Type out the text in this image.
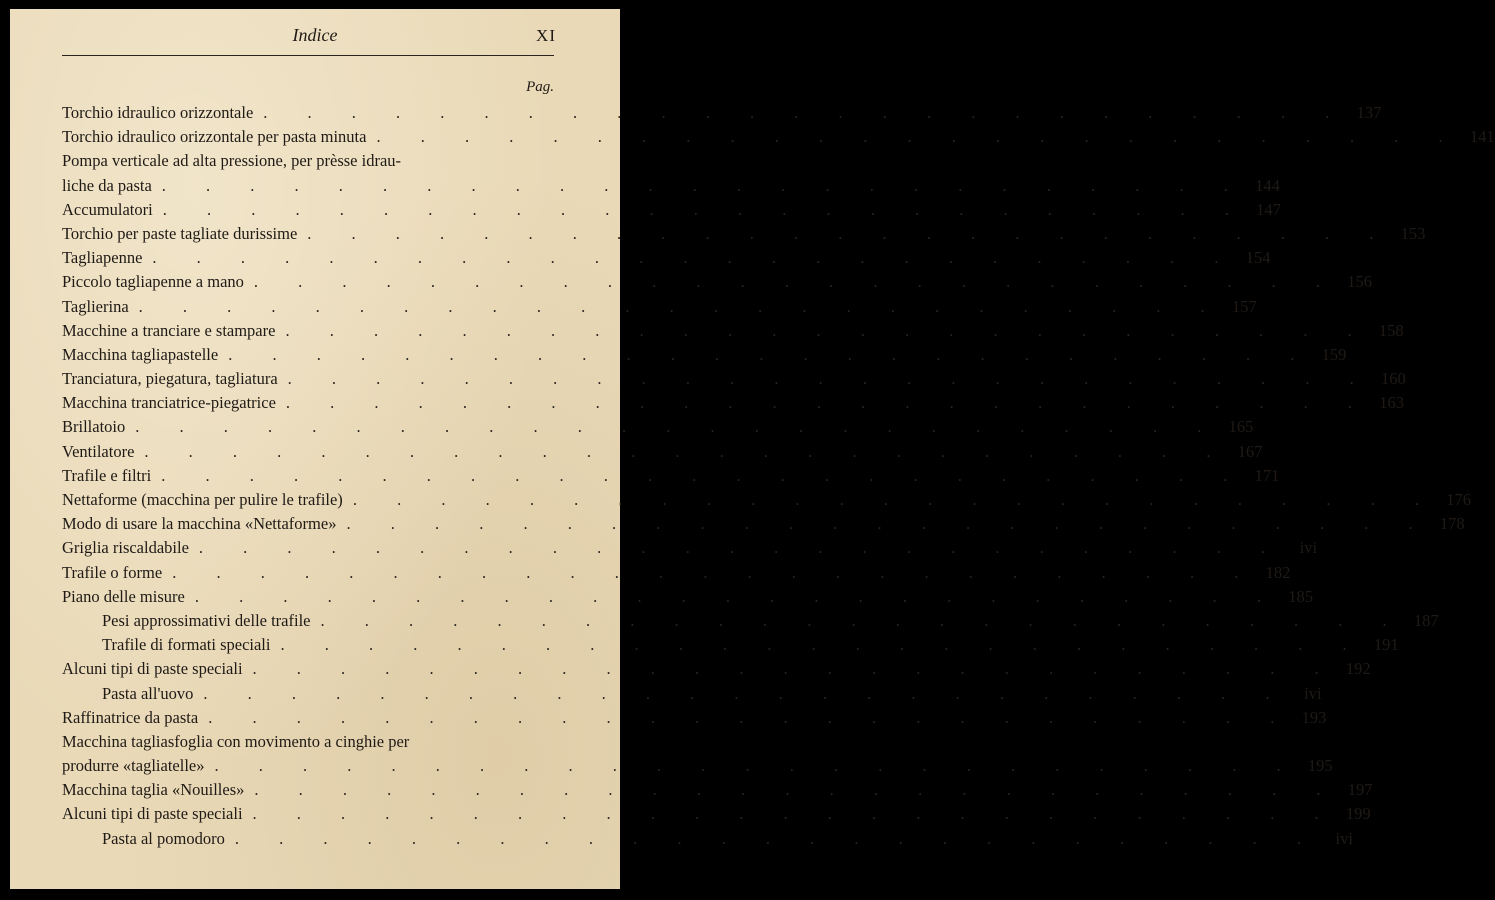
Indice	XI
Pag.
Torchio idraulico orizzontale . . . . . . . . . . . . . . . . . . . . . . . . . 137
Torchio idraulico orizzontale per pasta minuta . . . . . . . . . . . . . . . . . . . . . . . . . 141
Pompa verticale ad alta pressione, per prèsse idrau-
liche da pasta . . . . . . . . . . . . . . . . . . . . . . . . . 144
Accumulatori . . . . . . . . . . . . . . . . . . . . . . . . . 147
Torchio per paste tagliate durissime . . . . . . . . . . . . . . . . . . . . . . . . . 153
Tagliapenne . . . . . . . . . . . . . . . . . . . . . . . . . 154
Piccolo tagliapenne a mano . . . . . . . . . . . . . . . . . . . . . . . . . 156
Taglierina . . . . . . . . . . . . . . . . . . . . . . . . . 157
Macchine a tranciare e stampare . . . . . . . . . . . . . . . . . . . . . . . . . 158
Macchina tagliapastelle . . . . . . . . . . . . . . . . . . . . . . . . . 159
Tranciatura, piegatura, tagliatura . . . . . . . . . . . . . . . . . . . . . . . . . 160
Macchina tranciatrice-piegatrice . . . . . . . . . . . . . . . . . . . . . . . . . 163
Brillatoio . . . . . . . . . . . . . . . . . . . . . . . . . 165
Ventilatore . . . . . . . . . . . . . . . . . . . . . . . . . 167
Trafile e filtri . . . . . . . . . . . . . . . . . . . . . . . . . 171
Nettaforme (macchina per pulire le trafile) . . . . . . . . . . . . . . . . . . . . . . . . . 176
Modo di usare la macchina «Nettaforme» . . . . . . . . . . . . . . . . . . . . . . . . . 178
Griglia riscaldabile . . . . . . . . . . . . . . . . . . . . . . . . .	ivi
Trafile o forme . . . . . . . . . . . . . . . . . . . . . . . . . 182
Piano delle misure . . . . . . . . . . . . . . . . . . . . . . . . . 185
Pesi approssimativi delle trafile . . . . . . . . . . . . . . . . . . . . . . . . . 187
Trafile di formati speciali . . . . . . . . . . . . . . . . . . . . . . . . . 191
Alcuni tipi di paste speciali . . . . . . . . . . . . . . . . . . . . . . . . . 192
Pasta all'uovo . . . . . . . . . . . . . . . . . . . . . . . . .	ivi
Raffinatrice da pasta . . . . . . . . . . . . . . . . . . . . . . . . . 193
Macchina tagliasfoglia con movimento a cinghie per
produrre «tagliatelle» . . . . . . . . . . . . . . . . . . . . . . . . . 195
Macchina taglia «Nouilles» . . . . . . . . . . . . . . . . . . . . . . . . . 197
Alcuni tipi di paste speciali . . . . . . . . . . . . . . . . . . . . . . . . . 199
Pasta al pomodoro . . . . . . . . . . . . . . . . . . . . . . . . .	ivi
